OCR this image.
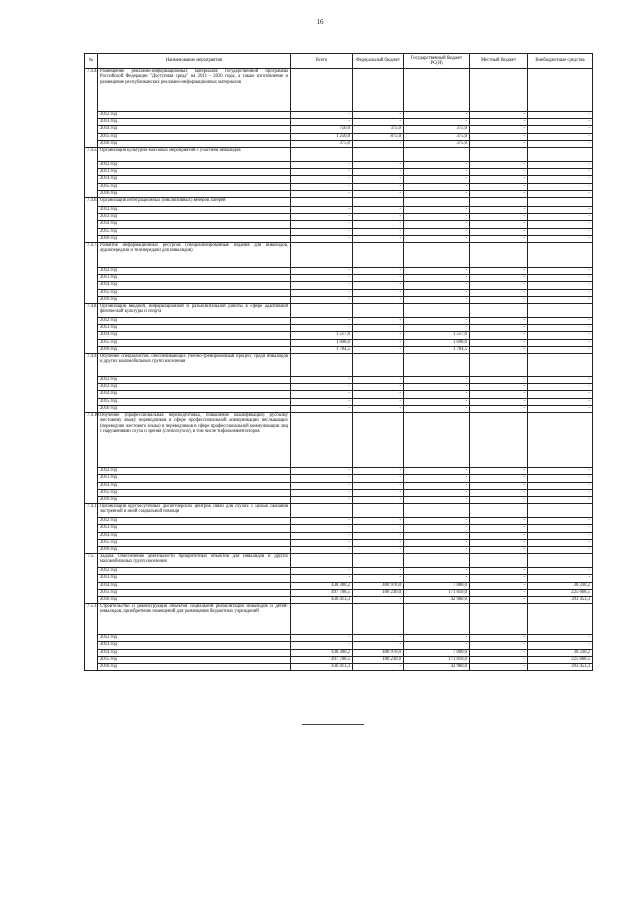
16
№	Наименование мероприятия	Всего	Федеральный бюджет	Государственный бюджет РС(Я)	Местный бюджет	Внебюджетные средства
7.4.4.	Размещение рекламно-информационных материалов государственной программы Российской Федерации "Доступная среда" на 2011 - 2020 годы, а также изготовление и размещение республиканских рекламно-информационных материалов					
	2012 год	-	-	-	-	-
	2013 год	-	-	-	-	-
	2014 год	750,0	375,0	375,0	-	-
	2015 год	1 250,0	875,0	375,0	-	-
	2016 год	375,0	-	375,0	-	-
7.4.5.	Организация культурно-массовых мероприятий с участием инвалидов					
	2012 год	-	-	-	-	-
	2013 год	-	-	-	-	-
	2014 год	-	-	-	-	-
	2015 год	-	-	-	-	-
	2016 год	-	-	-	-	-
7.4.6.	Организация интеграционных (инклюзивных) вечеров лагерей					
	2012 год	-	-	-	-	-
	2013 год	-	-	-	-	-
	2014 год	-	-	-	-	-
	2015 год	-	-	-	-	-
	2016 год	-	-	-	-	-
7.4.7.	Развитие информационных ресурсов (специализированные издания для инвалидов, аудиопередачи и телепередачи для инвалидов)					
	2012 год	-	-	-	-	-
	2013 год	-	-	-	-	-
	2014 год	-	-	-	-	-
	2015 год	-	-	-	-	-
	2016 год	-	-	-	-	-
7.4.8.	Организация вводной, информационной и разъяснительной работы в сфере адаптивной физической культуры и спорта					
	2012 год	-	-	-	-	-
	2013 год	-	-	-	-	-
	2014 год	1 517,0	-	1 517,0	-	-
	2015 год	1 698,0	-	1 698,0	-	-
	2016 год	1 704,5	-	1 704,5	-	-
7.4.9.	Обучение специалистов, обеспечивающих учебно-тренировочный процесс среди инвалидов и других маломобильных групп населения					
	2012 год	-	-	-	-	-
	2013 год	-	-	-	-	-
	2014 год	-	-	-	-	-
	2015 год	-	-	-	-	-
	2016 год	-	-	-	-	-
7.4.10.	Обучение (профессиональная переподготовка, повышение квалификации) русскому жестовому языку переводчиков в сфере профессиональной коммуникации неслышащих (переводчик жестового языка) и переводчиков в сфере профессиональной коммуникации лиц с нарушениями слуха и зрения (слепоглухих), в том числе тифлокомментаторов					
	2012 год	-	-	-	-	-
	2013 год	-	-	-	-	-
	2014 год	-	-	-	-	-
	2015 год	-	-	-	-	-
	2016 год	-	-	-	-	-
7.4.11.	Организация круглосуточных диспетчерских центров связи для глухих с целью оказания экстренной и иной социальной помощи					
	2012 год	-	-	-	-	-
	2013 год	-	-	-	-	-
	2014 год	-	-	-	-	-
	2015 год	-	-	-	-	-
	2016 год	-	-	-	-	-
7.5.	Задача: Обеспечение деятельности приоритетных объектов для инвалидов и других маломобильных групп населения					
	2012 год	-	-	-	-	-
	2013 год	-	-	-	-	-
	2014 год	438 300,2	400 970,0	7 000,0	-	30 330,2
	2015 год	497 708,5	100 230,0	171 810,0	-	225 668,5
	2016 год	436 413,3	-	42 960,0	-	393 453,3
7.5.1.	Строительство и реконструкция объектов социальной реабилитации инвалидов и детей-инвалидов, приобретение помещений для размещения бюджетных учреждений					
	2012 год	-	-	-	-	-
	2013 год	-	-	-	-	-
	2014 год	438 300,2	400 970,0	7 000,0	-	30 330,2
	2015 год	497 708,5	100 230,0	171 810,0	-	225 668,5
	2016 год	436 413,3	-	42 960,0	-	393 453,3
